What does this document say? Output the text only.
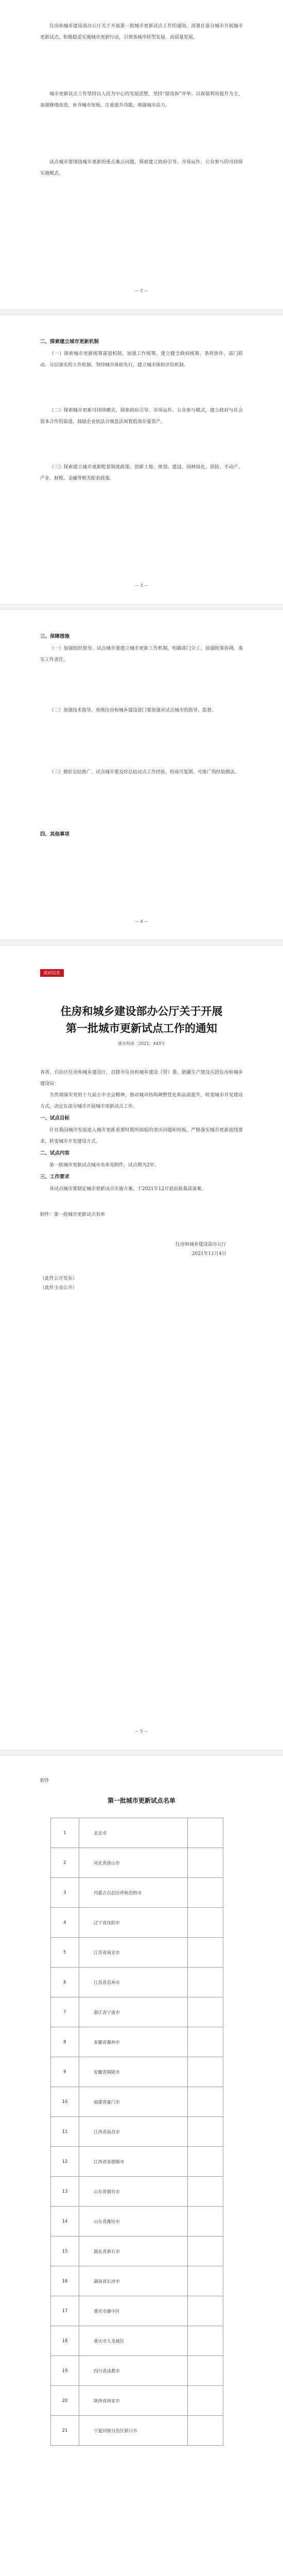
住房和城乡建设部办公厅关于开展第一批城市更新试点工作的通知，部署在部分城市开展城市更新试点，积极稳妥实施城市更新行动，引领各城市转型发展、高质量发展。

城市更新试点工作坚持以人民为中心的发展思想，坚持“留改拆”并举、以保留利用提升为主，加强修缮改造，补齐城市短板，注重提升功能，增强城市活力。

试点城市要围绕城市更新的重点难点问题，探索建立政府引导、市场运作、公众参与的可持续实施模式。

— 2 —
二、探索建立城市更新机制

（一）探索城市更新统筹谋划机制。加强工作统筹，建立健全政府统筹、条块协作、部门联动、分层落实的工作机制。坚持城市体检先行，建立城市体检评估机制。

（二）探索城市更新可持续模式。探索政府引导、市场运作、公众参与模式，建立政府与社会资本合作的渠道，鼓励企业依法合规盘活闲置低效存量资产。

（三）探索建立城市更新配套制度政策。创新土地、规划、建设、园林绿化、消防、不动产、产业、财税、金融等相关配套政策。

— 3 —
三、保障措施

（一）加强组织领导。试点城市要建立城市更新工作机制，明确部门分工，加强统筹协调，落实工作责任。

（二）加强技术指导。省级住房和城乡建设部门要加强对试点城市的指导、监督。

（三）做好总结推广。试点城市要及时总结试点工作经验，形成可复制、可推广的经验做法。

四、其他事项
— 4 —
政府信息

住房和城乡建设部办公厅关于开展

第一批城市更新试点工作的通知

建办科函〔2021〕443号

各省、自治区住房和城乡建设厅，直辖市住房和城乡建设（管）委，新疆生产建设兵团住房和城乡建设局：

为贯彻落实党的十九届五中全会精神，推动城市结构调整优化和品质提升，转变城市开发建设方式，决定在部分城市开展城市更新试点工作。

一、试点目标

针对我国城市发展进入城市更新重要时期所面临的突出问题和短板，严格落实城市更新底线要求，转变城市开发建设方式。

二、试点内容

第一批城市更新试点城市名单见附件，试点期为2年。

三、工作要求

各试点城市要制定城市更新试点实施方案，于2021年12月底前报我部备案。

附件：第一批城市更新试点名单
住房和城乡建设部办公厅
2021年11月4日
（此件公开发布）
（此件主动公开）
— 5 —
附件
第一批城市更新试点名单
1	北京市	
2	河北省唐山市	
3	内蒙古自治区呼和浩特市	
4	辽宁省沈阳市	
5	江苏省南京市	
6	江苏省苏州市	
7	浙江省宁波市	
8	安徽省滁州市	
9	安徽省铜陵市	
10	福建省厦门市	
11	江西省南昌市	
12	江西省景德镇市	
13	山东省烟台市	
14	山东省潍坊市	
15	湖北省黄石市	
16	湖南省长沙市	
17	重庆市渝中区	
18	重庆市九龙坡区	
19	四川省成都市	
20	陕西省西安市	
21	宁夏回族自治区银川市	
